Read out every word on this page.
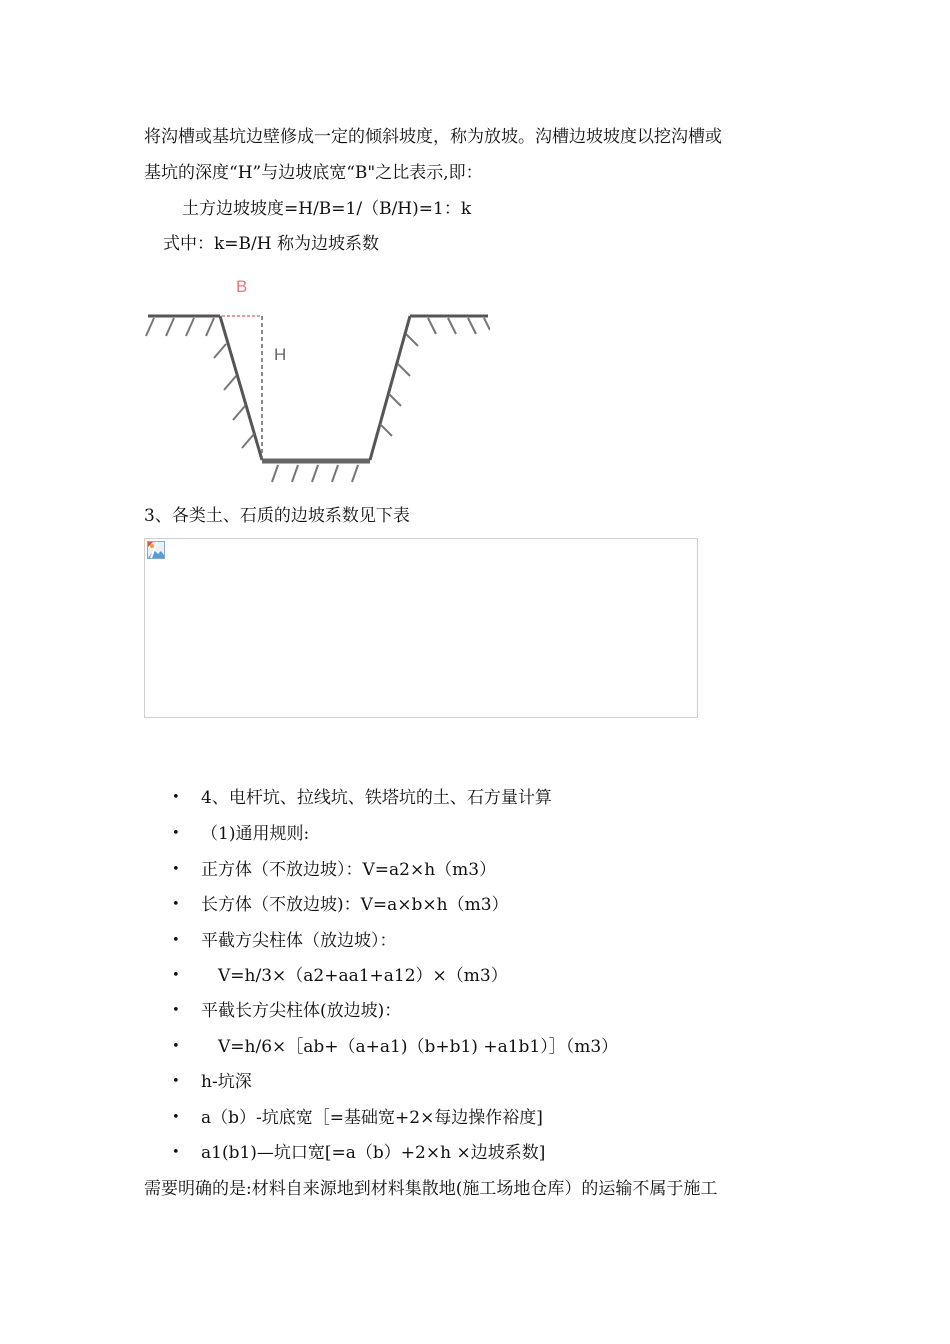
将沟槽或基坑边壁修成一定的倾斜坡度，称为放坡。沟槽边坡坡度以挖沟槽或
基坑的深度“H”与边坡底宽“B"之比表示,即：
土方边坡坡度=H/B=1/（B/H)=1：k
式中：k=B/H 称为边坡系数
B
H
3、各类土、石质的边坡系数见下表
•	4、电杆坑、拉线坑、铁塔坑的土、石方量计算
•	（1)通用规则:
•	正方体（不放边坡）：V=a2×h（m3）
•	长方体（不放边坡)：V=a×b×h（m3）
•	平截方尖柱体（放边坡）：
•	　V=h/3×（a2+aa1+a12）×（m3）
•	平截长方尖柱体(放边坡)：
•	　V=h/6×［ab+（a+a1)（b+b1) +a1b1）］（m3）
•	h-坑深
•	a（b）-坑底宽［=基础宽+2×每边操作裕度]
•	a1(b1)—坑口宽[=a（b）+2×h ×边坡系数]
需要明确的是:材料自来源地到材料集散地(施工场地仓库）的运输不属于施工
